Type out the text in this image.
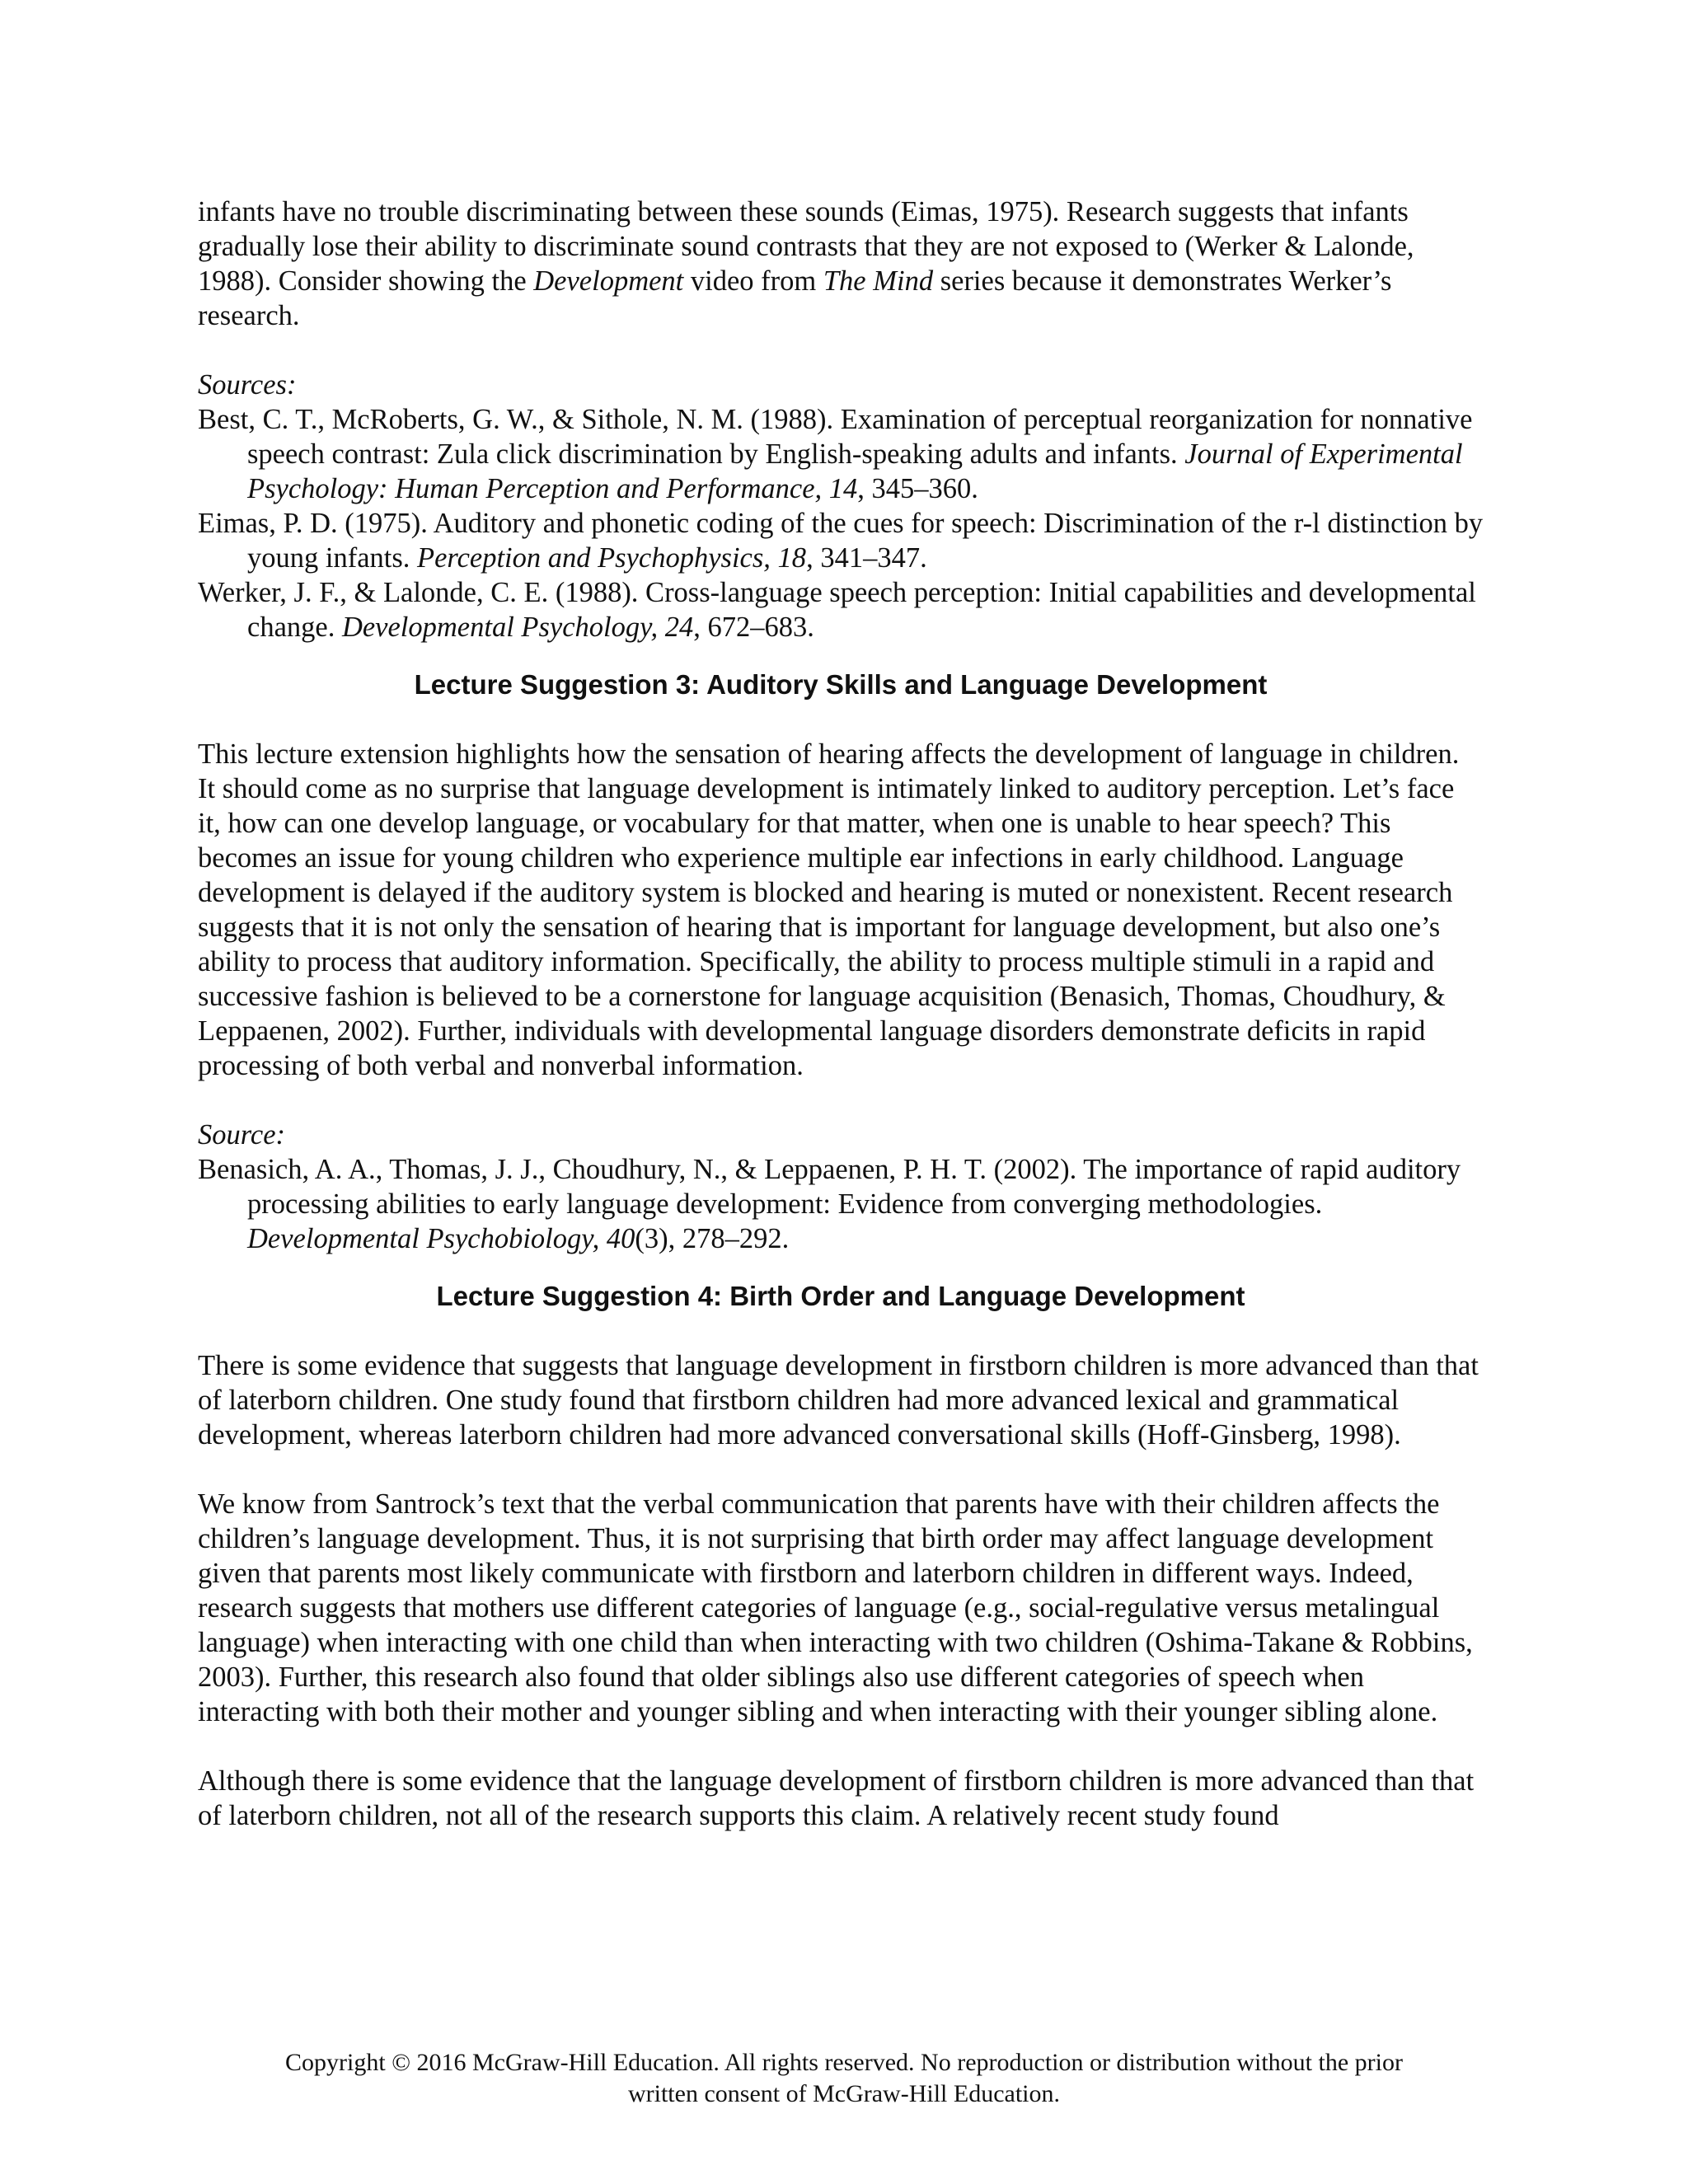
infants have no trouble discriminating between these sounds (Eimas, 1975). Research suggests that infants gradually lose their ability to discriminate sound contrasts that they are not exposed to (Werker & Lalonde, 1988). Consider showing the Development video from The Mind series because it demonstrates Werker’s research.

Sources:
Best, C. T., McRoberts, G. W., & Sithole, N. M. (1988). Examination of perceptual reorganization for nonnative speech contrast: Zula click discrimination by English-speaking adults and infants. Journal of Experimental Psychology: Human Perception and Performance, 14, 345–360.
Eimas, P. D. (1975). Auditory and phonetic coding of the cues for speech: Discrimination of the r-l distinction by young infants. Perception and Psychophysics, 18, 341–347.
Werker, J. F., & Lalonde, C. E. (1988). Cross-language speech perception: Initial capabilities and developmental change. Developmental Psychology, 24, 672–683.
Lecture Suggestion 3: Auditory Skills and Language Development

This lecture extension highlights how the sensation of hearing affects the development of language in children. It should come as no surprise that language development is intimately linked to auditory perception. Let’s face it, how can one develop language, or vocabulary for that matter, when one is unable to hear speech? This becomes an issue for young children who experience multiple ear infections in early childhood. Language development is delayed if the auditory system is blocked and hearing is muted or nonexistent. Recent research suggests that it is not only the sensation of hearing that is important for language development, but also one’s ability to process that auditory information. Specifically, the ability to process multiple stimuli in a rapid and successive fashion is believed to be a cornerstone for language acquisition (Benasich, Thomas, Choudhury, & Leppaenen, 2002). Further, individuals with developmental language disorders demonstrate deficits in rapid processing of both verbal and nonverbal information.

Source:
Benasich, A. A., Thomas, J. J., Choudhury, N., & Leppaenen, P. H. T. (2002). The importance of rapid auditory processing abilities to early language development: Evidence from converging methodologies. Developmental Psychobiology, 40(3), 278–292.
Lecture Suggestion 4: Birth Order and Language Development

There is some evidence that suggests that language development in firstborn children is more advanced than that of laterborn children. One study found that firstborn children had more advanced lexical and grammatical development, whereas laterborn children had more advanced conversational skills (Hoff-Ginsberg, 1998).

We know from Santrock’s text that the verbal communication that parents have with their children affects the children’s language development. Thus, it is not surprising that birth order may affect language development given that parents most likely communicate with firstborn and laterborn children in different ways. Indeed, research suggests that mothers use different categories of language (e.g., social-regulative versus metalingual language) when interacting with one child than when interacting with two children (Oshima-Takane & Robbins, 2003). Further, this research also found that older siblings also use different categories of speech when interacting with both their mother and younger sibling and when interacting with their younger sibling alone.

Although there is some evidence that the language development of firstborn children is more advanced than that of laterborn children, not all of the research supports this claim. A relatively recent study found

Copyright © 2016 McGraw-Hill Education. All rights reserved. No reproduction or distribution without the prior
written consent of McGraw-Hill Education.
